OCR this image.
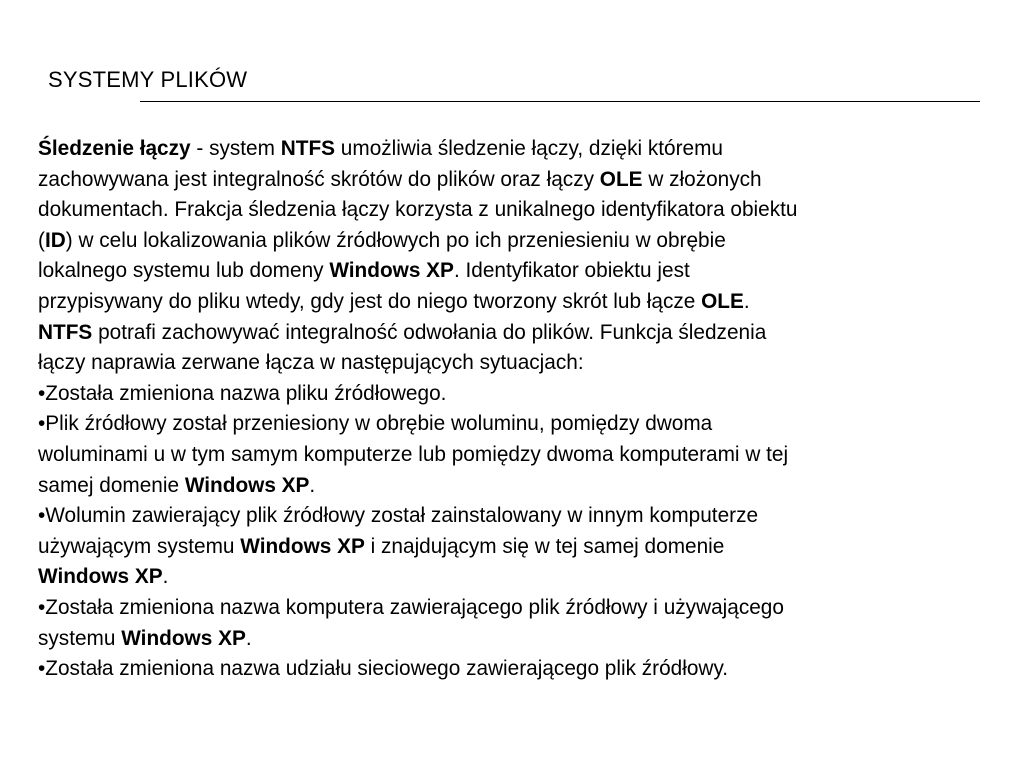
SYSTEMY PLIKÓW
Śledzenie łączy - system NTFS umożliwia śledzenie łączy, dzięki któremu
zachowywana jest integralność skrótów do plików oraz łączy OLE w złożonych
dokumentach. Frakcja śledzenia łączy korzysta z unikalnego identyfikatora obiektu
(ID) w celu lokalizowania plików źródłowych po ich przeniesieniu w obrębie
lokalnego systemu lub domeny Windows XP. Identyfikator obiektu jest
przypisywany do pliku wtedy, gdy jest do niego tworzony skrót lub łącze OLE.
NTFS potrafi zachowywać integralność odwołania do plików. Funkcja śledzenia
łączy naprawia zerwane łącza w następujących sytuacjach:
•Została zmieniona nazwa pliku źródłowego.
•Plik źródłowy został przeniesiony w obrębie woluminu, pomiędzy dwoma
woluminami u w tym samym komputerze lub pomiędzy dwoma komputerami w tej
samej domenie Windows XP.
•Wolumin zawierający plik źródłowy został zainstalowany w innym komputerze
używającym systemu Windows XP i znajdującym się w tej samej domenie
Windows XP.
•Została zmieniona nazwa komputera zawierającego plik źródłowy i używającego
systemu Windows XP.
•Została zmieniona nazwa udziału sieciowego zawierającego plik źródłowy.
